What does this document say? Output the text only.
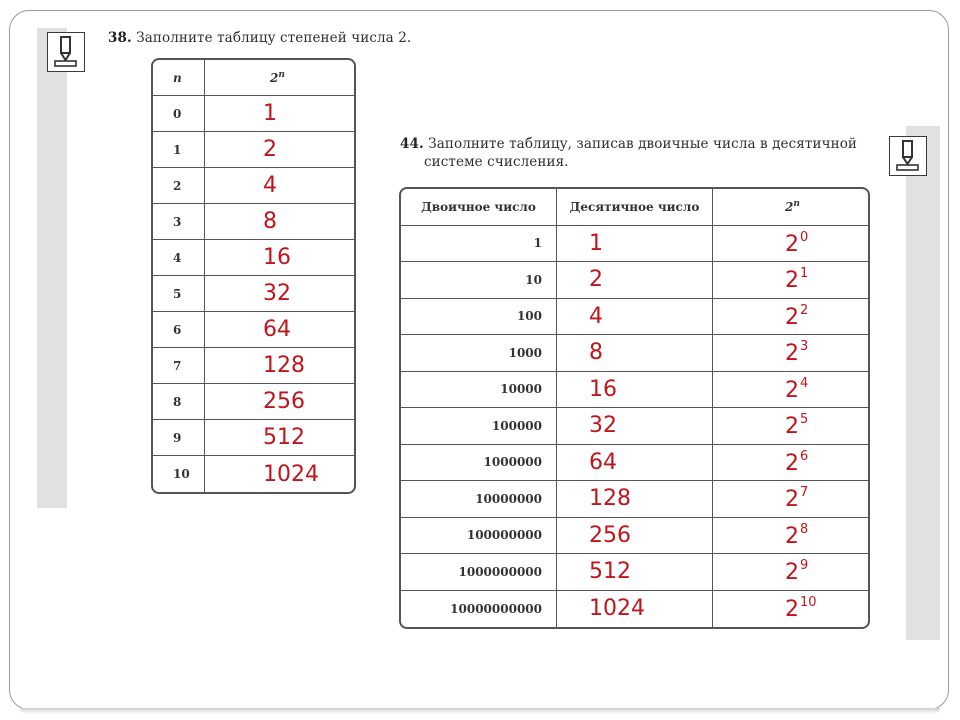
38. Заполните таблицу степеней числа 2.
n	2$^n$
0	1
1	2
2	4
3	8
4	16
5	32
6	64
7	128
8	256
9	512
10	1024
44. Заполните таблицу, записав двоичные числа в десятичной
системе счисления.
Двоичное число	Десятичное число	2$^n$
1	1	$2^0$
10	2	$2^1$
100	4	$2^2$
1000	8	$2^3$
10000	16	$2^4$
100000	32	$2^5$
1000000	64	$2^6$
10000000	128	$2^7$
100000000	256	$2^8$
1000000000	512	$2^9$
10000000000	1024	$2^{10}$
